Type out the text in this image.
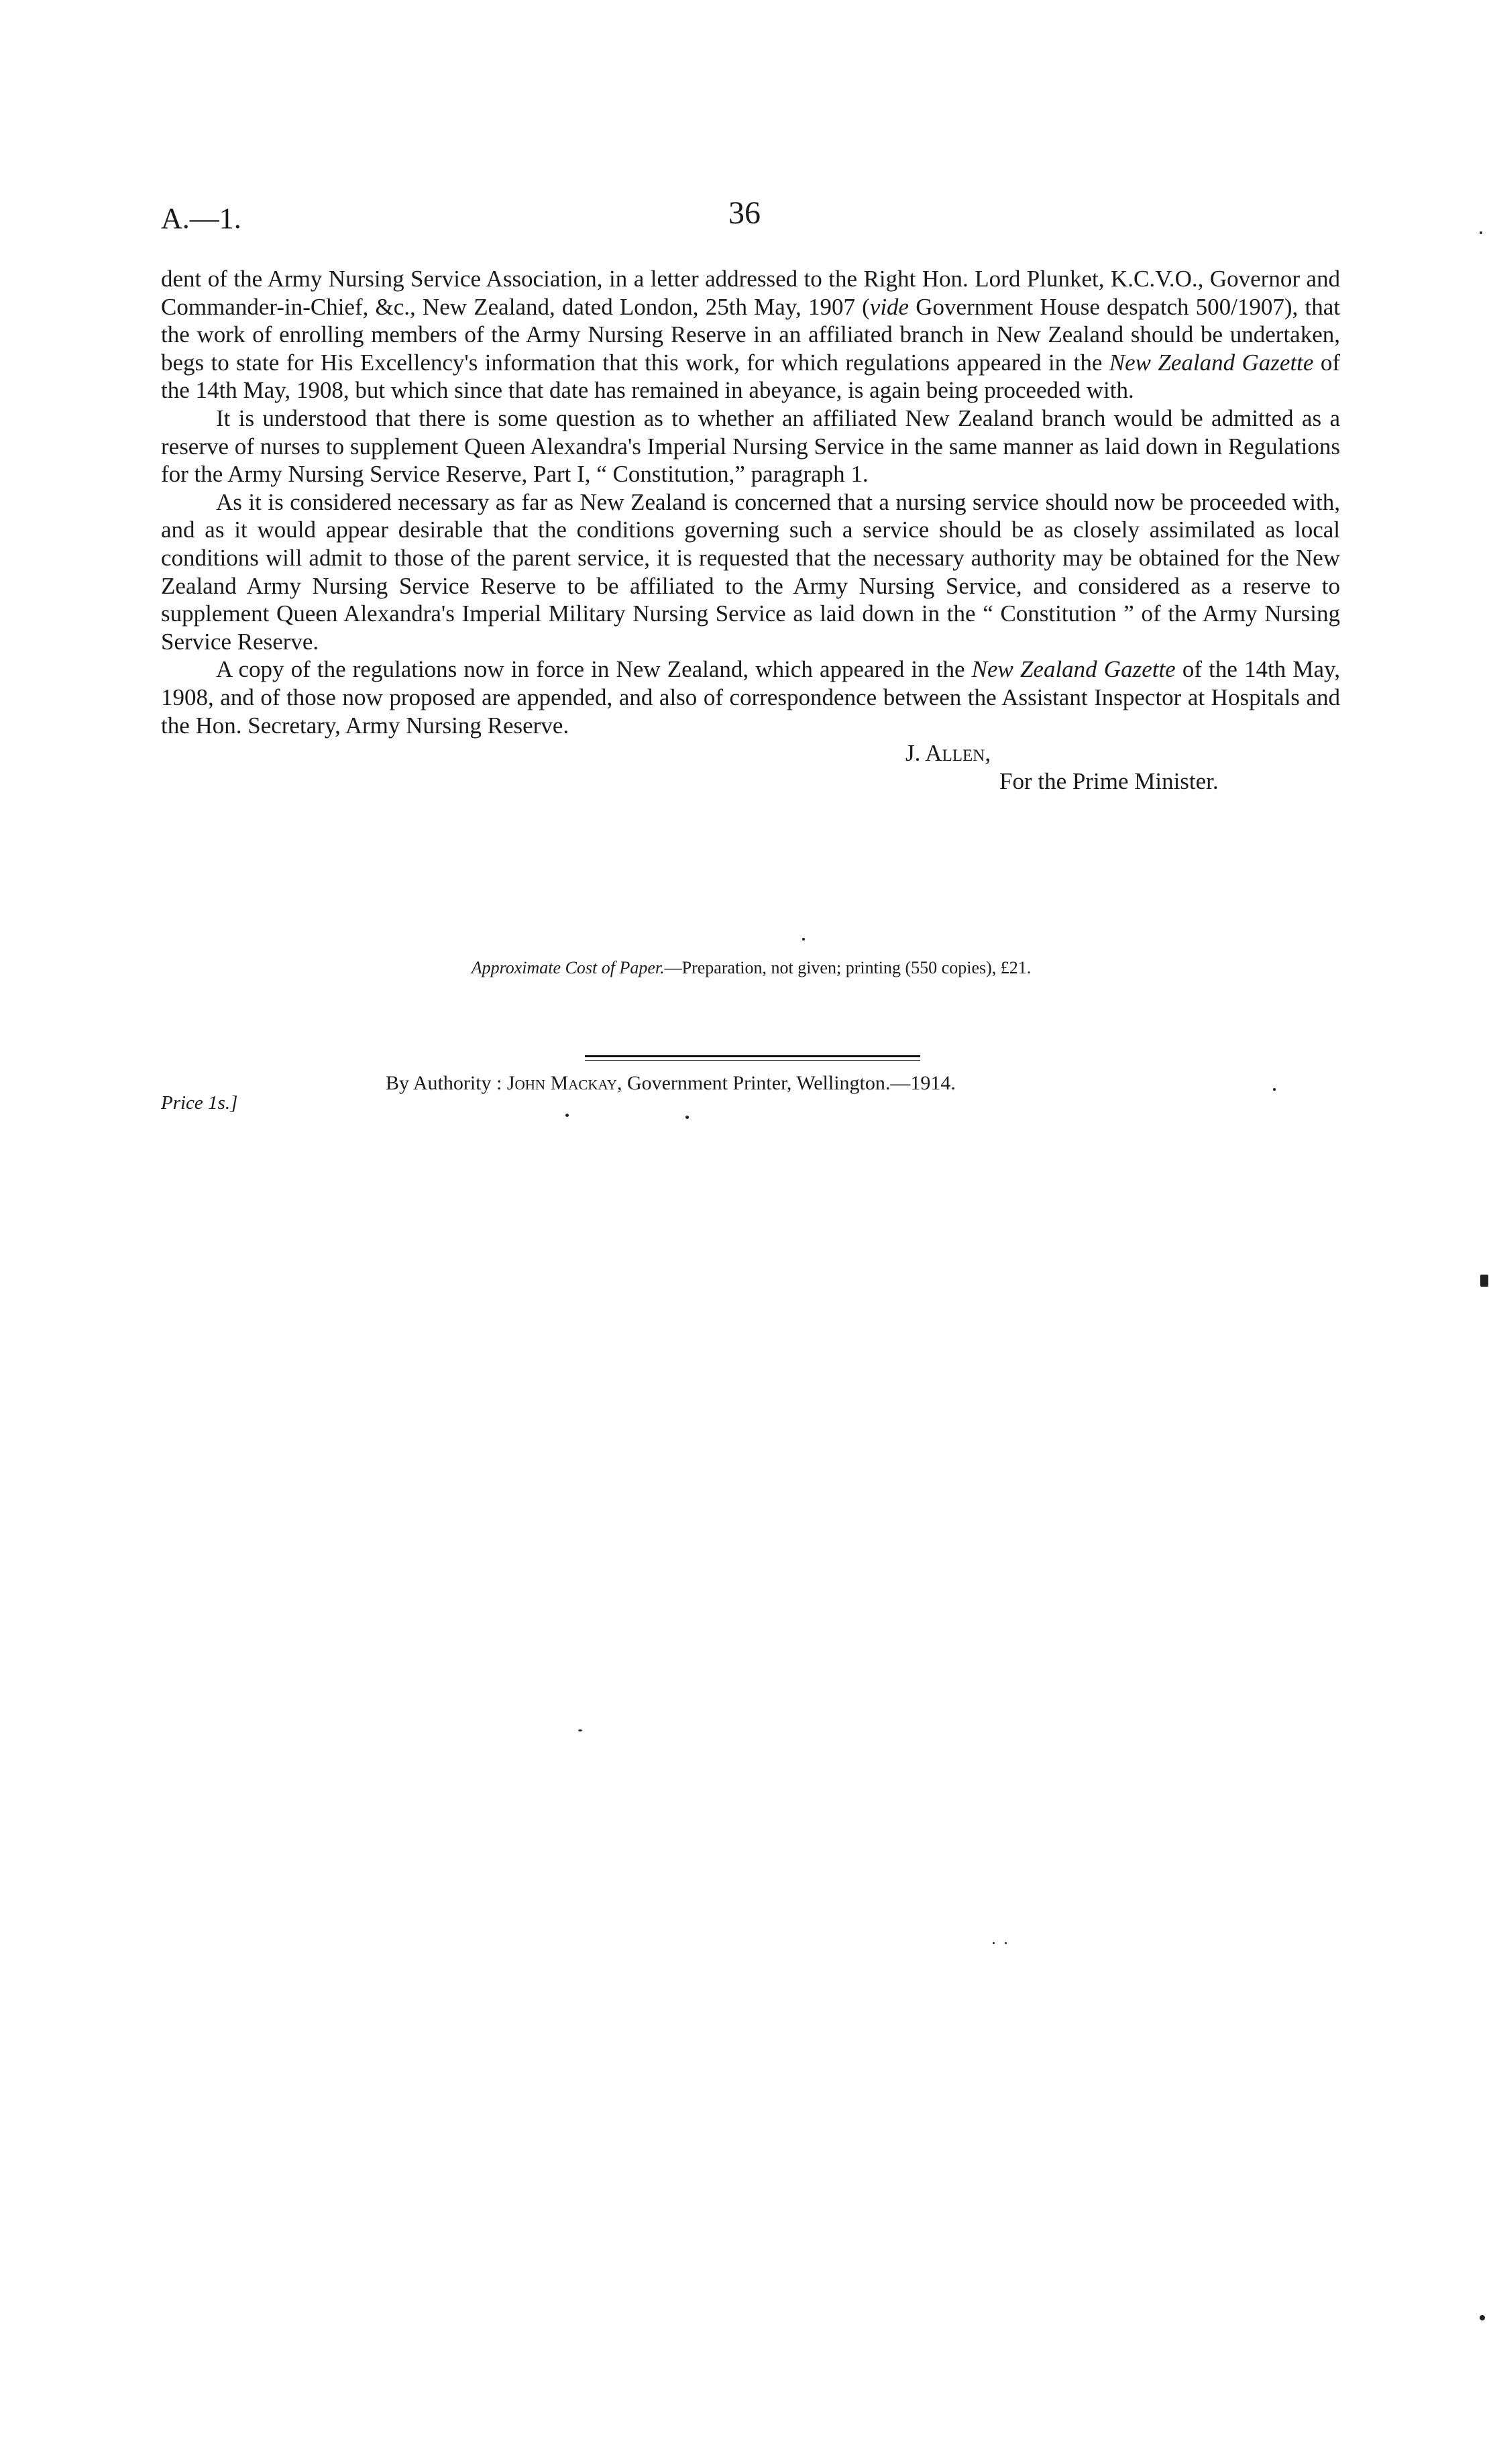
A.—1.	36

dent of the Army Nursing Service Association, in a letter addressed to the Right Hon. Lord Plunket, K.C.V.O., Governor and Commander-in-Chief, &c., New Zealand, dated London, 25th May, 1907 (vide Government House despatch 500/1907), that the work of enrolling members of the Army Nursing Reserve in an affiliated branch in New Zealand should be undertaken, begs to state for His Excellency's information that this work, for which regulations appeared in the New Zealand Gazette of the 14th May, 1908, but which since that date has remained in abeyance, is again being proceeded with.

It is understood that there is some question as to whether an affiliated New Zealand branch would be admitted as a reserve of nurses to supplement Queen Alexandra's Imperial Nursing Service in the same manner as laid down in Regulations for the Army Nursing Service Reserve, Part I, “ Constitution,” paragraph 1.

As it is considered necessary as far as New Zealand is concerned that a nursing service should now be proceeded with, and as it would appear desirable that the conditions governing such a service should be as closely assimilated as local conditions will admit to those of the parent service, it is requested that the necessary authority may be obtained for the New Zealand Army Nursing Service Reserve to be affiliated to the Army Nursing Service, and considered as a reserve to supplement Queen Alexandra's Imperial Military Nursing Service as laid down in the “ Constitution ” of the Army Nursing Service Reserve.

A copy of the regulations now in force in New Zealand, which appeared in the New Zealand Gazette of the 14th May, 1908, and of those now proposed are appended, and also of correspondence between the Assistant Inspector at Hospitals and the Hon. Secretary, Army Nursing Reserve.

J. Allen,
For the Prime Minister.
Approximate Cost of Paper.—Preparation, not given; printing (550 copies), £21.
By Authority : John Mackay, Government Printer, Wellington.—1914.
Price 1s.]
